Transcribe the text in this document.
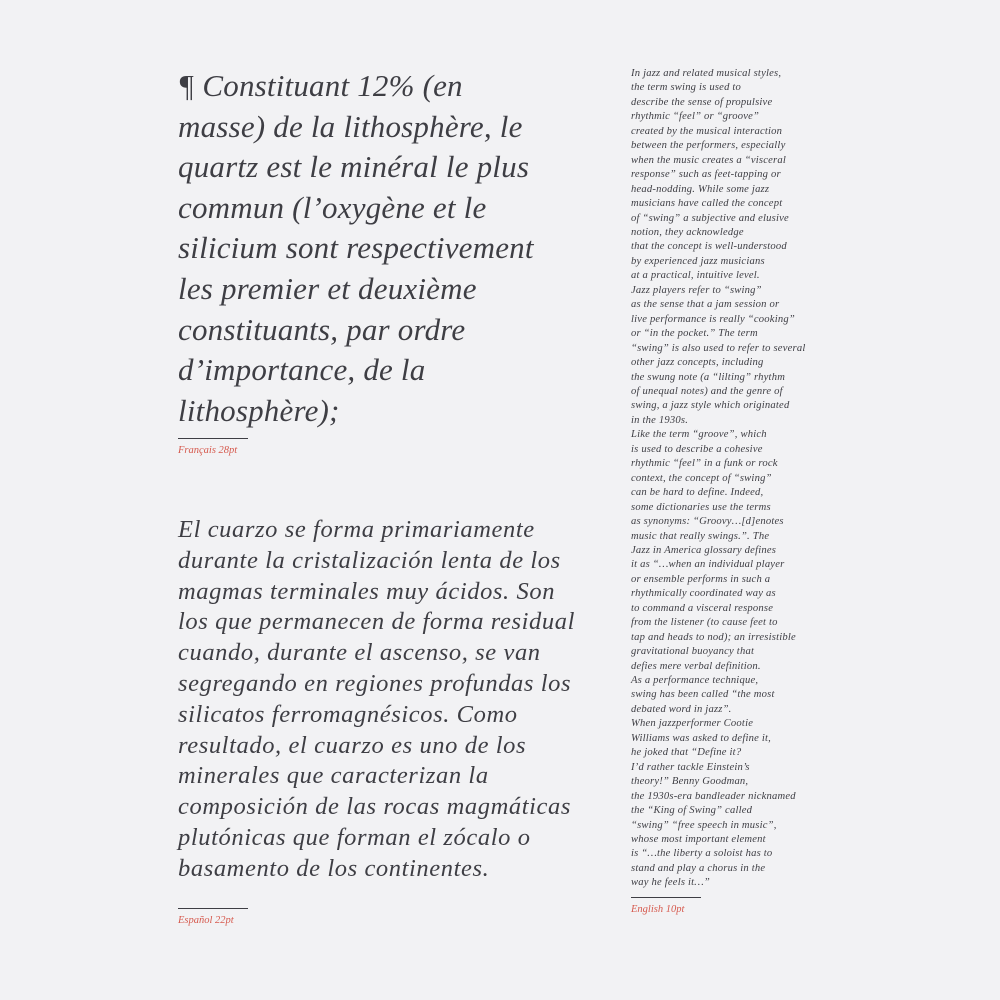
¶ Constituant 12% (en
masse) de la lithosphère, le
quartz est le minéral le plus
commun (l’oxygène et le
silicium sont respectivement
les premier et deuxième
constituants, par ordre
d’importance, de la
lithosphère);
Français 28pt
El cuarzo se forma primariamente
durante la cristalización lenta de los
magmas terminales muy ácidos. Son
los que permanecen de forma residual
cuando, durante el ascenso, se van
segregando en regiones profundas los
silicatos ferromagnésicos. Como
resultado, el cuarzo es uno de los
minerales que caracterizan la
composición de las rocas magmáticas
plutónicas que forman el zócalo o
basamento de los continentes.
Español 22pt
In jazz and related musical styles,
the term swing is used to
describe the sense of propulsive
rhythmic “feel” or “groove”
created by the musical interaction
between the performers, especially
when the music creates a “visceral
response” such as feet-tapping or
head-nodding. While some jazz
musicians have called the concept
of “swing” a subjective and elusive
notion, they acknowledge
that the concept is well-understood
by experienced jazz musicians
at a practical, intuitive level.
Jazz players refer to “swing”
as the sense that a jam session or
live performance is really “cooking”
or “in the pocket.” The term
“swing” is also used to refer to several
other jazz concepts, including
the swung note (a “lilting” rhythm
of unequal notes) and the genre of
swing, a jazz style which originated
in the 1930s.
Like the term “groove”, which
is used to describe a cohesive
rhythmic “feel” in a funk or rock
context, the concept of “swing”
can be hard to define. Indeed,
some dictionaries use the terms
as synonyms: “Groovy…[d]enotes
music that really swings.”. The
Jazz in America glossary defines
it as “…when an individual player
or ensemble performs in such a
rhythmically coordinated way as
to command a visceral response
from the listener (to cause feet to
tap and heads to nod); an irresistible
gravitational buoyancy that
defies mere verbal definition.
As a performance technique,
swing has been called “the most
debated word in jazz”.
When jazzperformer Cootie
Williams was asked to define it,
he joked that “Define it?
I’d rather tackle Einstein’s
theory!” Benny Goodman,
the 1930s-era bandleader nicknamed
the “King of Swing” called
“swing” “free speech in music”,
whose most important element
is “…the liberty a soloist has to
stand and play a chorus in the
way he feels it…”
English 10pt
